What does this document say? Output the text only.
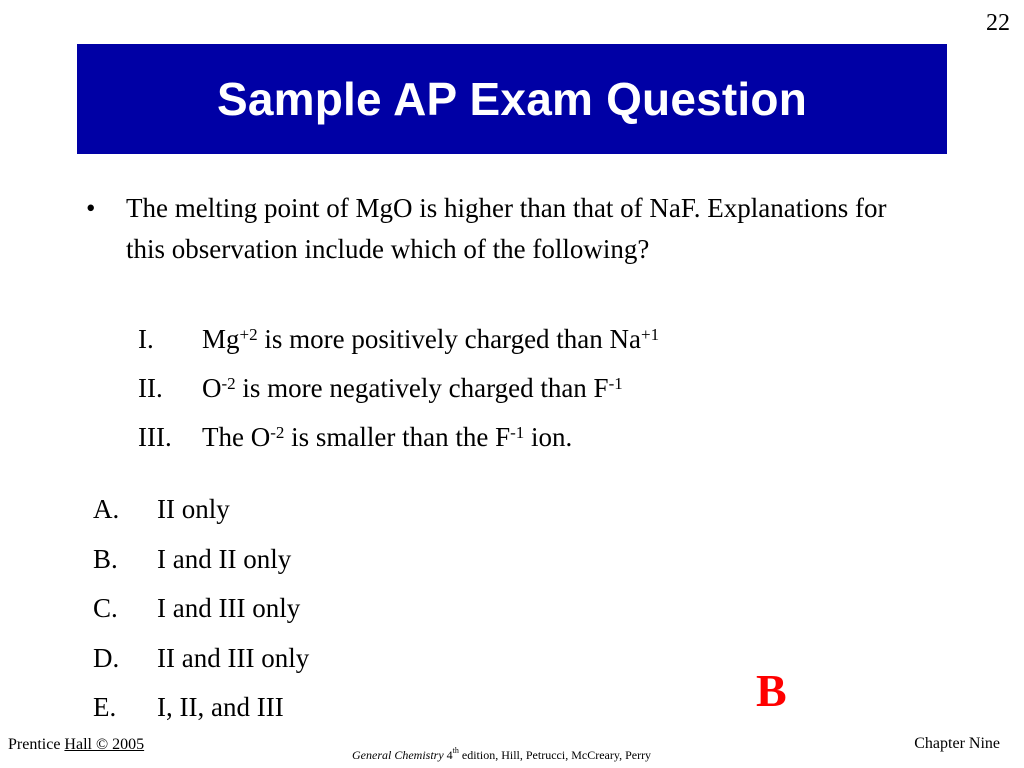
22
Sample AP Exam Question
• The melting point of MgO is higher than that of NaF. Explanations for this observation include which of the following?
I.	$Mg^{+2}$ is more positively charged than $Na^{+1}$
II.	$O^{-2}$ is more negatively charged than $F^{-1}$
III.	The $O^{-2}$ is smaller than the $F^{-1}$ ion.
A.	II only
B.	I and II only
C.	I and III only
D.	II and III only
E.	I, II, and III	B
Prentice Hall © 2005
General Chemistry 4th edition, Hill, Petrucci, McCreary, Perry
Chapter Nine
